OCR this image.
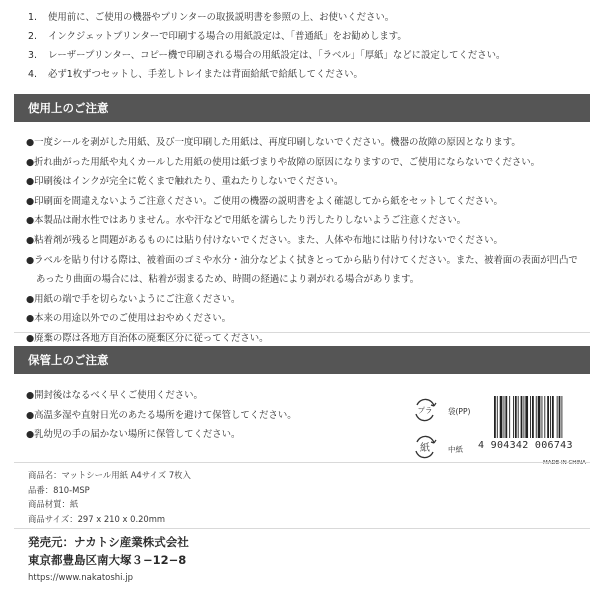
1.	使用前に、ご使用の機器やプリンターの取扱説明書を参照の上、お使いください。
2.	インクジェットプリンターで印刷する場合の用紙設定は、「普通紙」をお勧めします。
3.	レーザープリンター、コピー機で印刷される場合の用紙設定は、「ラベル」「厚紙」などに設定してください。
4.	必ず1枚ずつセットし、手差しトレイまたは背面給紙で給紙してください。
使用上のご注意
●一度シールを剥がした用紙、及び一度印刷した用紙は、再度印刷しないでください。機器の故障の原因となります。
●折れ曲がった用紙や丸くカールした用紙の使用は紙づまりや故障の原因になりますので、ご使用にならないでください。
●印刷後はインクが完全に乾くまで触れたり、重ねたりしないでください。
●印刷面を間違えないようご注意ください。ご使用の機器の説明書をよく確認してから紙をセットしてください。
●本製品は耐水性ではありません。水や汗などで用紙を濡らしたり汚したりしないようご注意ください。
●粘着剤が残ると問題があるものには貼り付けないでください。また、人体や布地には貼り付けないでください。
●ラベルを貼り付ける際は、被着面のゴミや水分・油分などよく拭きとってから貼り付けてください。また、被着面の表面が凹凸で
あったり曲面の場合には、粘着が弱まるため、時間の経過により剥がれる場合があります。
●用紙の端で手を切らないようにご注意ください。
●本来の用途以外でのご使用はおやめください。
●廃棄の際は各地方自治体の廃棄区分に従ってください。
保管上のご注意
●開封後はなるべく早くご使用ください。
●高温多湿や直射日光のあたる場所を避けて保管してください。
●乳幼児の手の届かない場所に保管してください。
プラ 袋(PP)
紙 中紙 4 904342 006743
MADE IN CHINA
商品名：マットシール用紙 A4サイズ 7枚入
品番：810-MSP
商品材質：紙
商品サイズ：297 x 210 x 0.20mm
発売元：ナカトシ産業株式会社
東京都豊島区南大塚３−12−8
https://www.nakatoshi.jp
